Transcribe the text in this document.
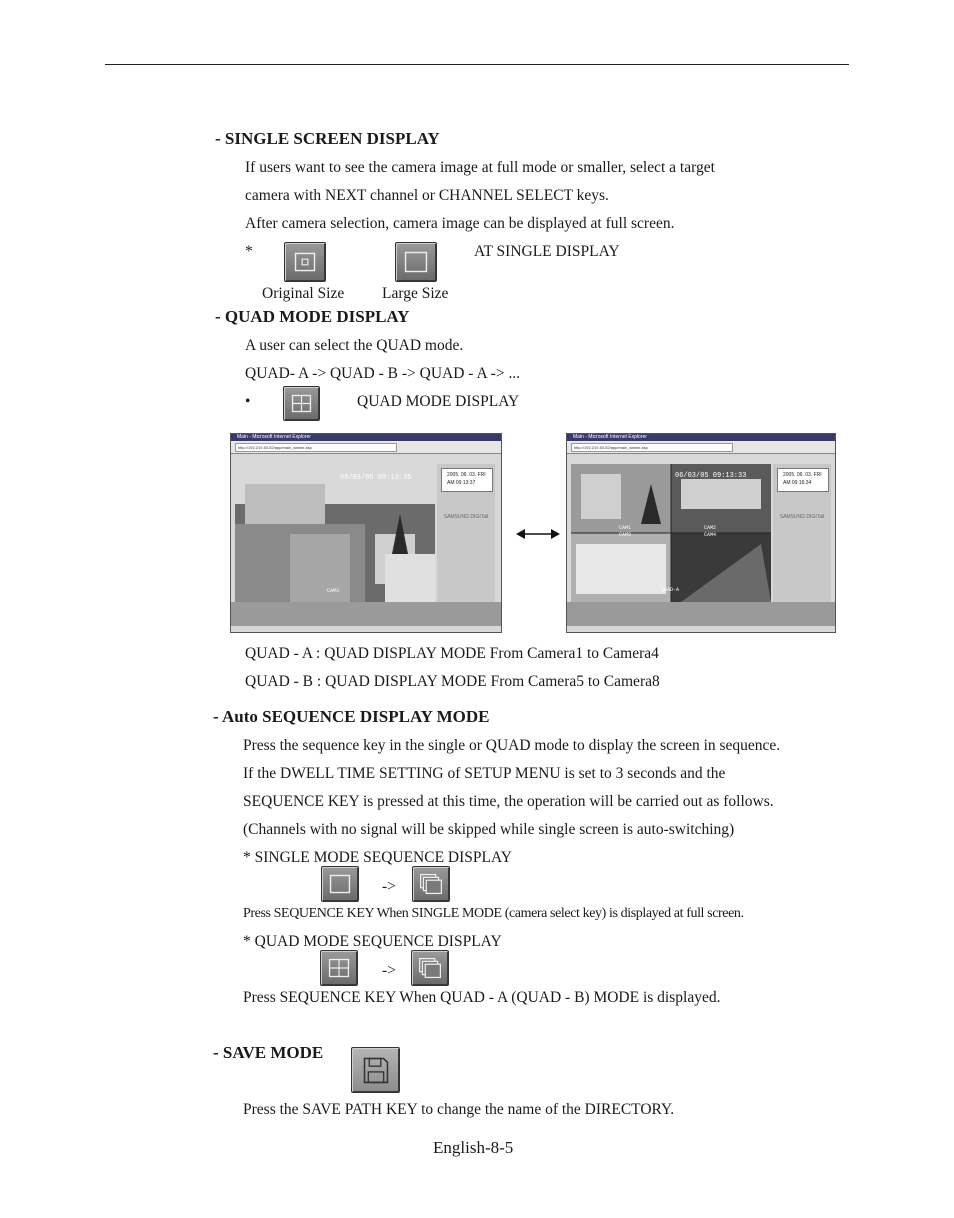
- SINGLE SCREEN DISPLAY
If users want to see the camera image at full mode or smaller, select a target
camera with NEXT channel or CHANNEL SELECT keys.
After camera selection, camera image can be displayed at full screen.
*	AT SINGLE DISPLAY
Original Size Large Size
- QUAD MODE DISPLAY
A user can select the QUAD mode.
QUAD- A -> QUAD - B -> QUAD - A -> ...
•	QUAD MODE DISPLAY
Main - Microsoft Internet Explorer
http://192.219.53.52/app/main_admin.asp
06/03/05 09:13:35
CAM3
2005. 06. 03. FRI
AM 09:13:37
SAMSUNG DIGITall
Main - Microsoft Internet Explorer
http://192.219.53.52/app/main_admin.asp
06/03/05 09:13:33
CAM1	CAM2
CAM3	CAM4
QUAD-A
2005. 06. 03. FRI
AM 09:16:34
SAMSUNG DIGITall
QUAD - A : QUAD DISPLAY MODE From Camera1 to Camera4
QUAD - B : QUAD DISPLAY MODE From Camera5 to Camera8
- Auto SEQUENCE DISPLAY MODE
Press the sequence key in the single or QUAD mode to display the screen in sequence.
If the DWELL TIME SETTING of SETUP MENU is set to 3 seconds and the
SEQUENCE KEY is pressed at this time, the operation will be carried out as follows.
(Channels with no signal will be skipped while single screen is auto-switching)
* SINGLE MODE SEQUENCE DISPLAY
->
Press SEQUENCE KEY When SINGLE MODE (camera select key) is displayed at full screen.
* QUAD MODE SEQUENCE DISPLAY
->
Press SEQUENCE KEY When QUAD - A (QUAD - B) MODE is displayed.
- SAVE MODE
Press the SAVE PATH KEY to change the name of the DIRECTORY.
English-8-5
